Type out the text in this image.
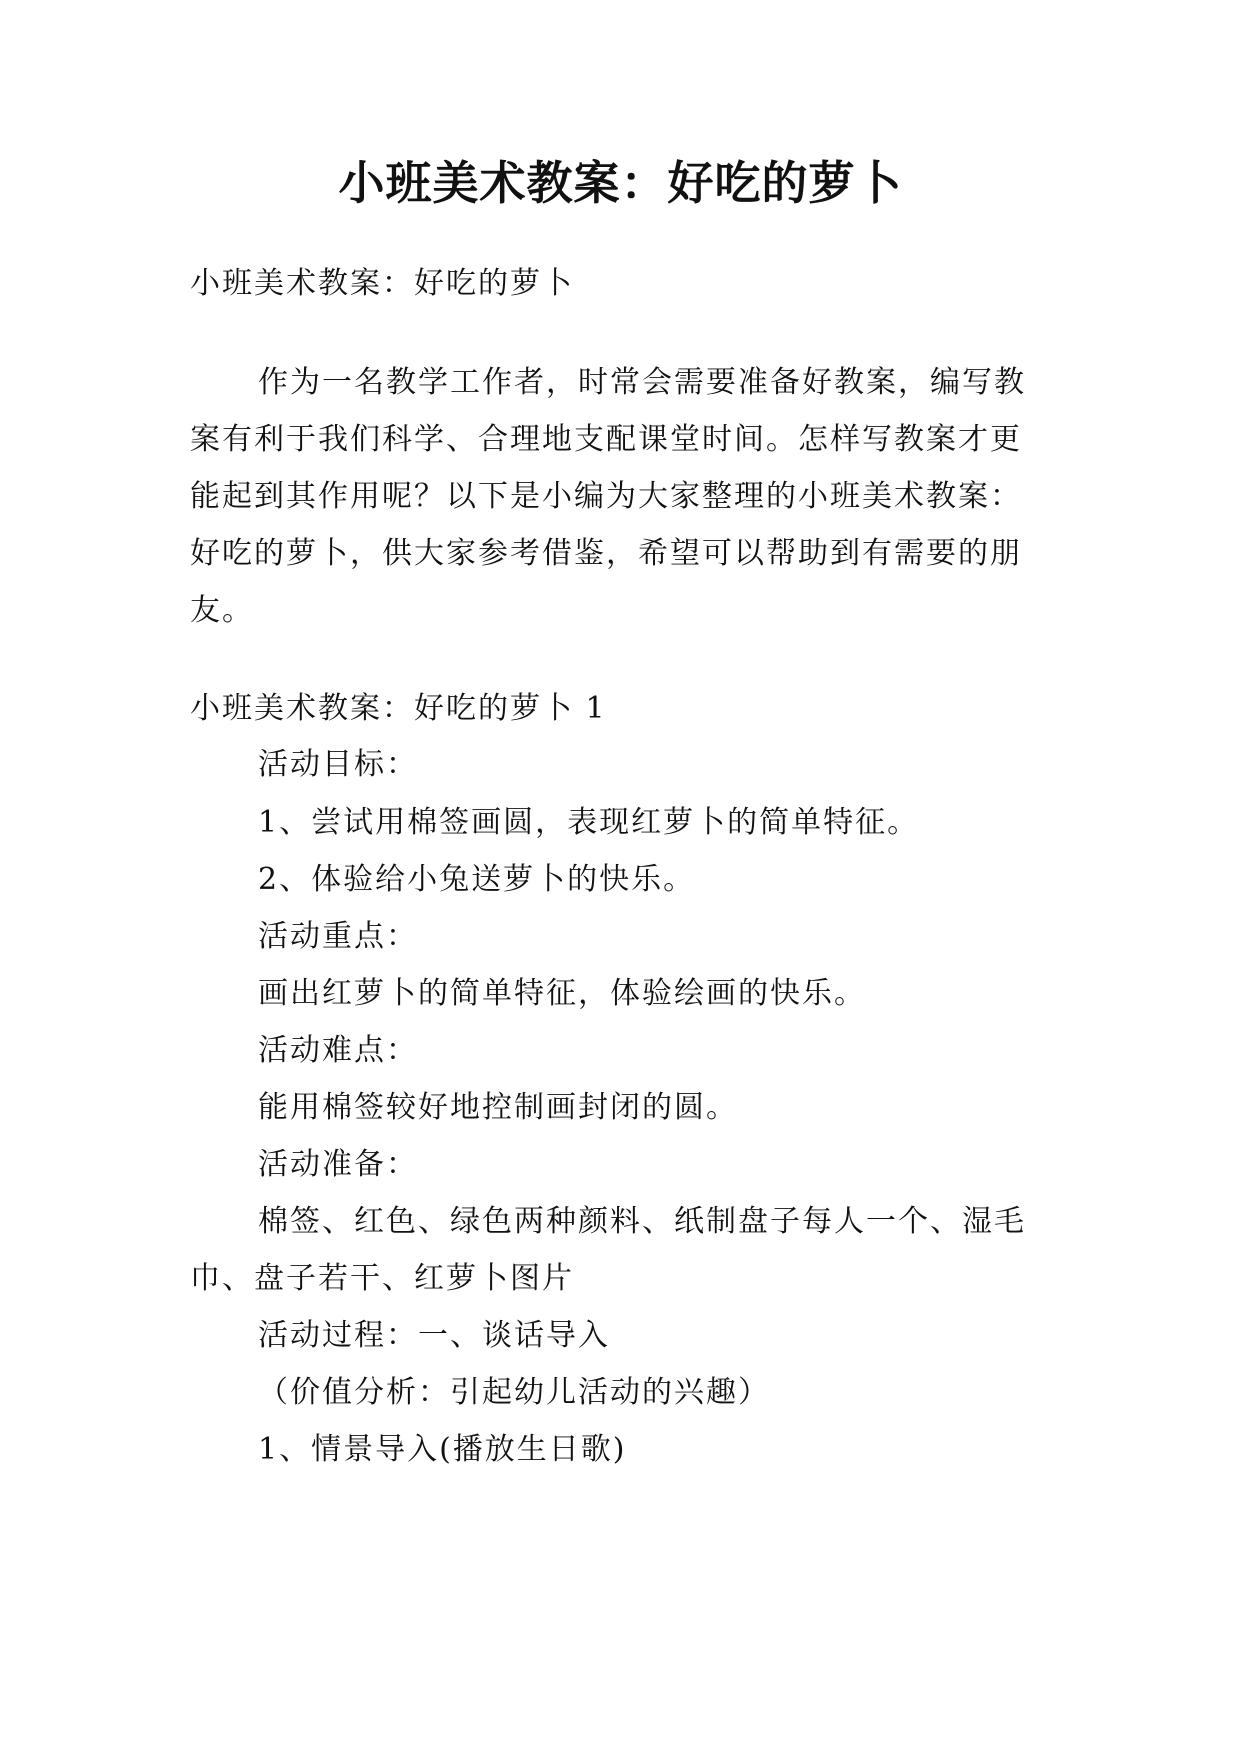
小班美术教案：好吃的萝卜
小班美术教案：好吃的萝卜
作为一名教学工作者，时常会需要准备好教案，编写教
案有利于我们科学、合理地支配课堂时间。怎样写教案才更
能起到其作用呢？以下是小编为大家整理的小班美术教案：
好吃的萝卜，供大家参考借鉴，希望可以帮助到有需要的朋
友。
小班美术教案：好吃的萝卜 1
活动目标：
1、尝试用棉签画圆，表现红萝卜的简单特征。
2、体验给小兔送萝卜的快乐。
活动重点：
画出红萝卜的简单特征，体验绘画的快乐。
活动难点：
能用棉签较好地控制画封闭的圆。
活动准备：
棉签、红色、绿色两种颜料、纸制盘子每人一个、湿毛
巾、盘子若干、红萝卜图片
活动过程：一、谈话导入
（价值分析：引起幼儿活动的兴趣）
1、情景导入(播放生日歌)
